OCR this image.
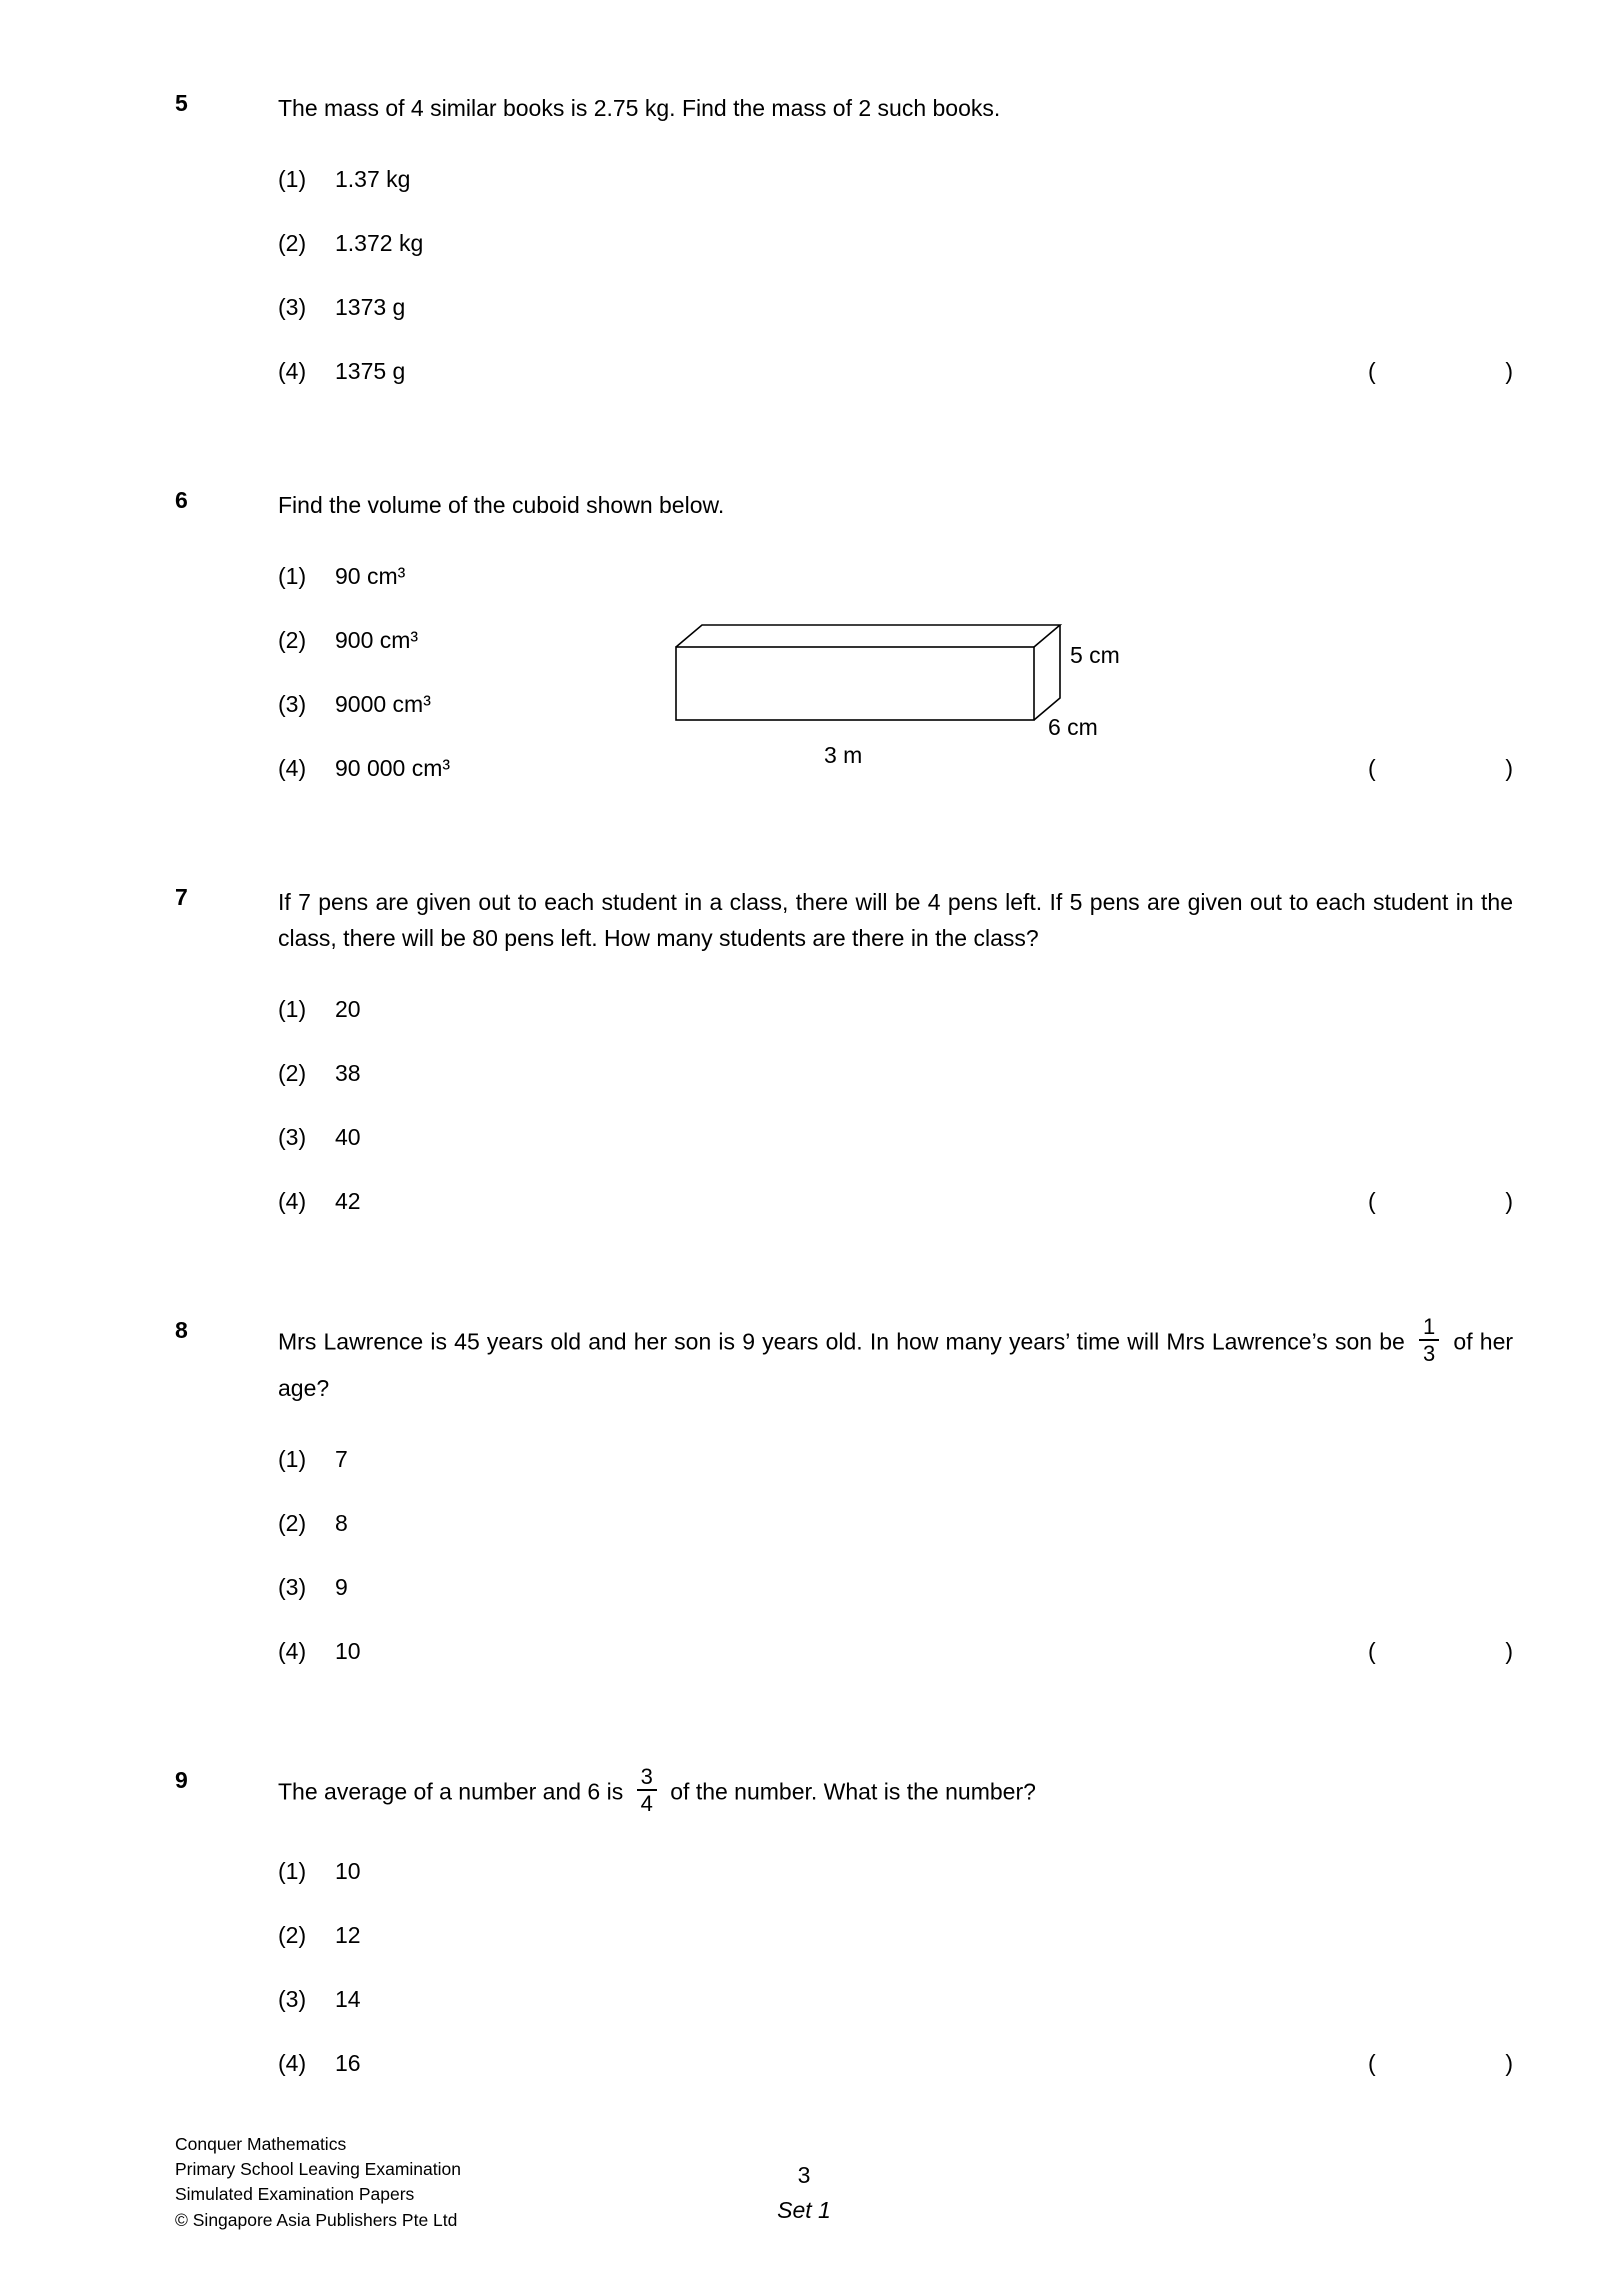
5	The mass of 4 similar books is 2.75 kg. Find the mass of 2 such books.

(1) 1.37 kg
(2) 1.372 kg
(3) 1373 g
(4) 1375 g	(	)
6	Find the volume of the cuboid shown below.

(1) 90 cm³
(2) 900 cm³
(3) 9000 cm³
(4) 90 000 cm³	(	)
5 cm
6 cm
3 m
7	If 7 pens are given out to each student in a class, there will be 4 pens left. If 5 pens are given out to each student in the class, there will be 80 pens left. How many students are there in the class?

(1) 20
(2) 38
(3) 40
(4) 42	(	)
8	Mrs Lawrence is 45 years old and her son is 9 years old. In how many years’ time will Mrs Lawrence’s son be $\frac{1}{3}$ of her age?

(1) 7
(2) 8
(3) 9
(4) 10	(	)
9	The average of a number and 6 is $\frac{3}{4}$ of the number. What is the number?

(1) 10
(2) 12
(3) 14
(4) 16	(	)
Conquer Mathematics
Primary School Leaving Examination
Simulated Examination Papers
© Singapore Asia Publishers Pte Ltd
3
Set 1
